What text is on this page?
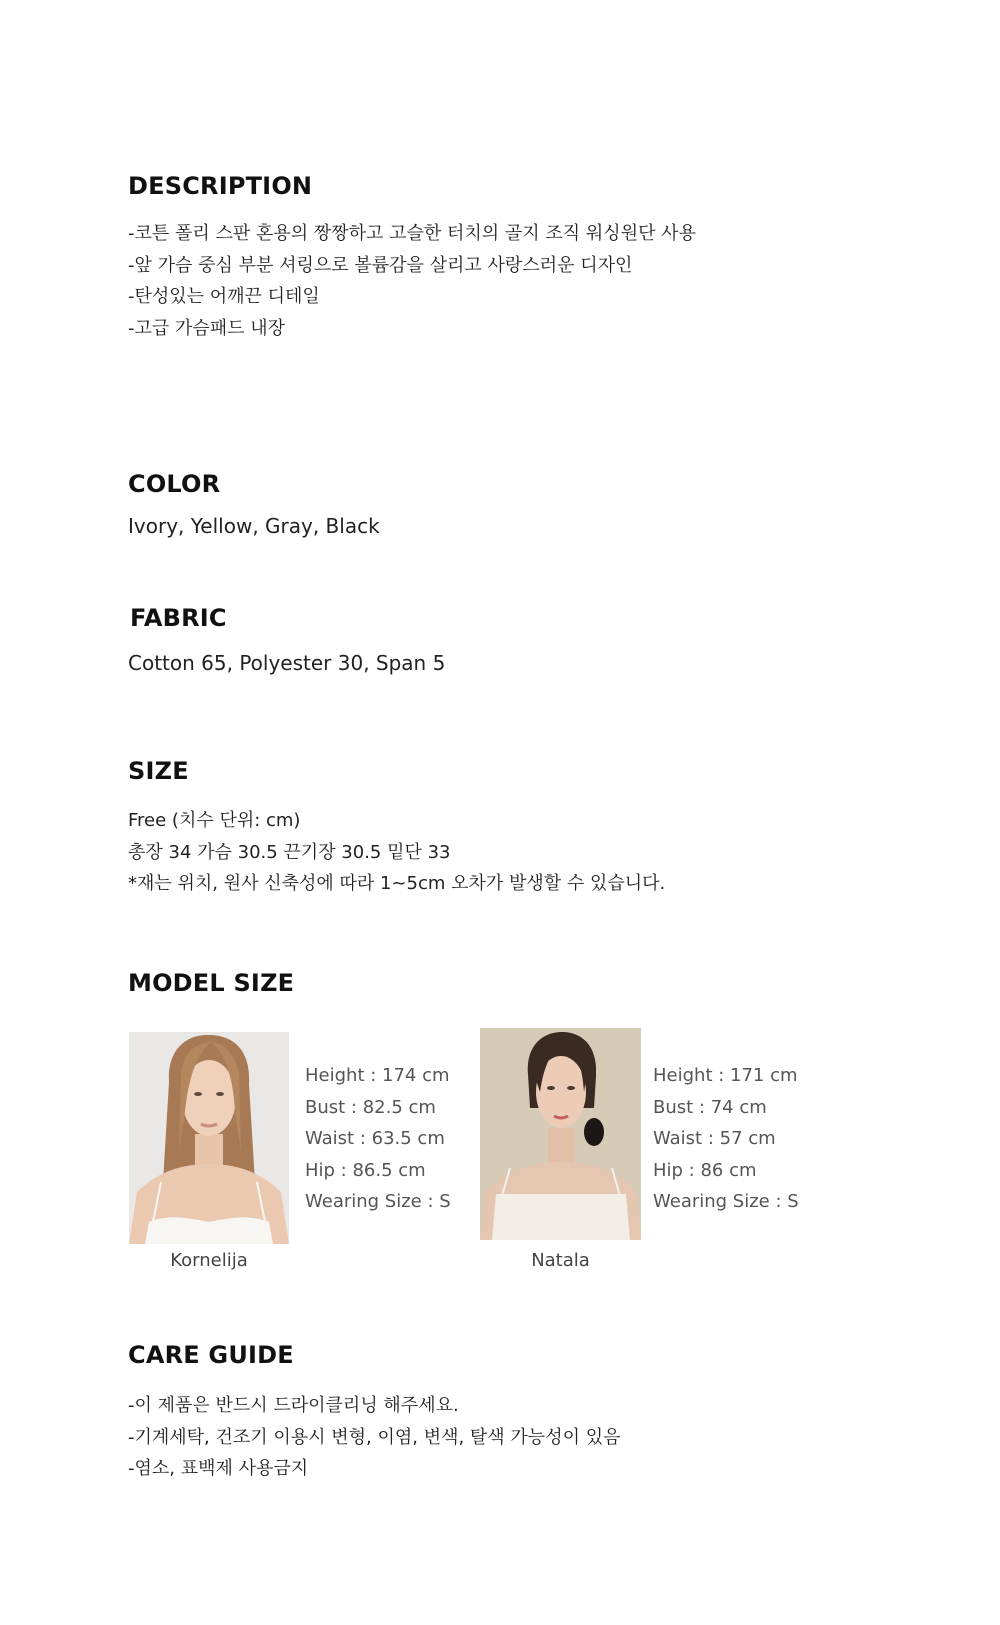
DESCRIPTION
-코튼 폴리 스판 혼용의 짱짱하고 고슬한 터치의 골지 조직 워싱원단 사용
-앞 가슴 중심 부분 셔링으로 볼륨감을 살리고 사랑스러운 디자인
-탄성있는 어깨끈 디테일
-고급 가슴패드 내장
COLOR

Ivory, Yellow, Gray, Black

FABRIC

Cotton 65, Polyester 30, Span 5

SIZE

Free (치수 단위: cm)

총장 34 가슴 30.5 끈기장 30.5 밑단 33

*재는 위치, 원사 신축성에 따라 1~5cm 오차가 발생할 수 있습니다.

MODEL SIZE
Height : 174 cm
Bust : 82.5 cm
Waist : 63.5 cm
Hip : 86.5 cm
Wearing Size : S
Kornelija
Height : 171 cm
Bust : 74 cm
Waist : 57 cm
Hip : 86 cm
Wearing Size : S
Natala
CARE GUIDE
-이 제품은 반드시 드라이클리닝 해주세요.
-기계세탁, 건조기 이용시 변형, 이염, 변색, 탈색 가능성이 있음
-염소, 표백제 사용금지
